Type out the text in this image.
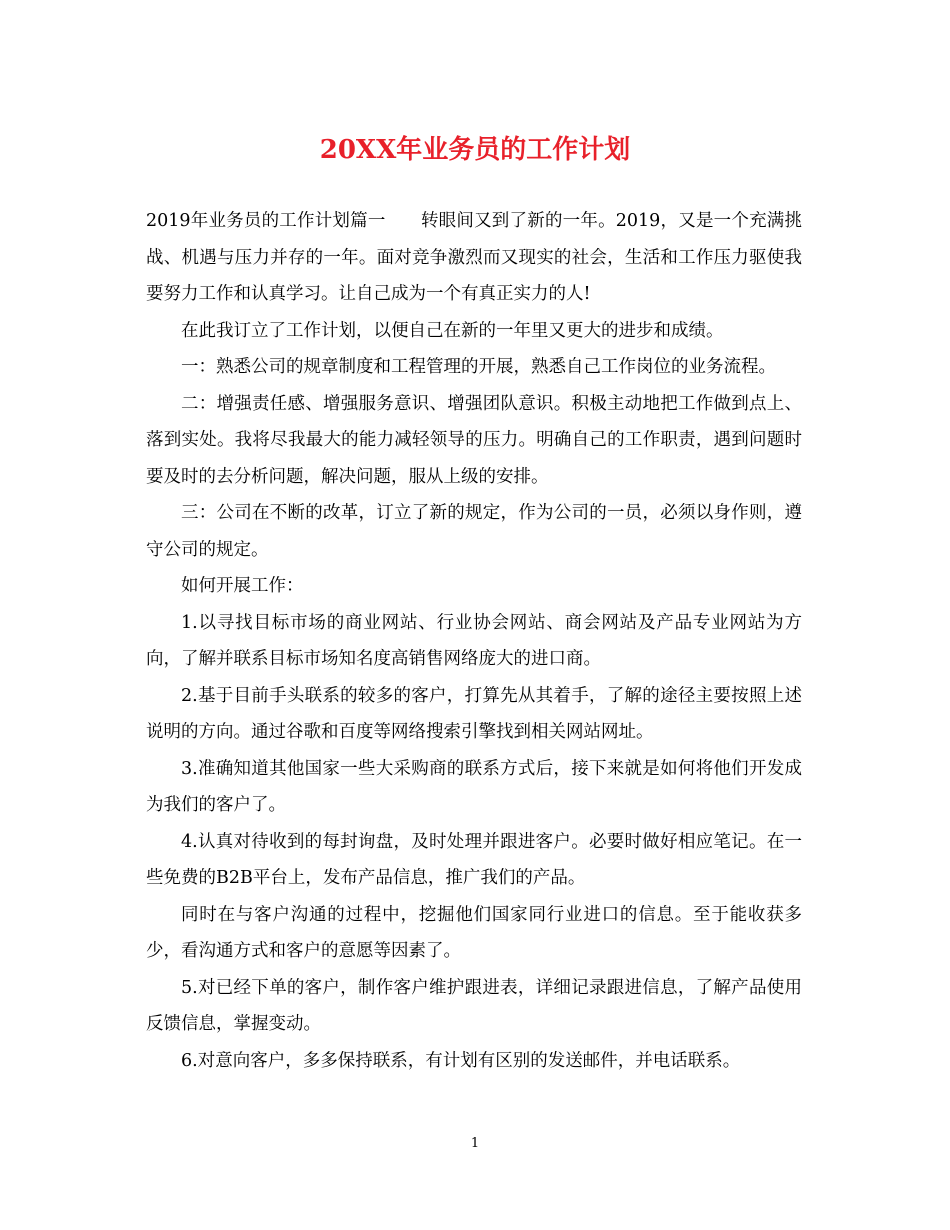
20XX年业务员的工作计划

2019年业务员的工作计划篇一　　转眼间又到了新的一年。2019，又是一个充满挑战、机遇与压力并存的一年。面对竞争激烈而又现实的社会，生活和工作压力驱使我要努力工作和认真学习。让自己成为一个有真正实力的人!

在此我订立了工作计划，以便自己在新的一年里又更大的进步和成绩。

一：熟悉公司的规章制度和工程管理的开展，熟悉自己工作岗位的业务流程。

二：增强责任感、增强服务意识、增强团队意识。积极主动地把工作做到点上、落到实处。我将尽我最大的能力减轻领导的压力。明确自己的工作职责，遇到问题时要及时的去分析问题，解决问题，服从上级的安排。

三：公司在不断的改革，订立了新的规定，作为公司的一员，必须以身作则，遵守公司的规定。

如何开展工作：

1.以寻找目标市场的商业网站、行业协会网站、商会网站及产品专业网站为方向，了解并联系目标市场知名度高销售网络庞大的进口商。

2.基于目前手头联系的较多的客户，打算先从其着手，了解的途径主要按照上述说明的方向。通过谷歌和百度等网络搜索引擎找到相关网站网址。

3.准确知道其他国家一些大采购商的联系方式后，接下来就是如何将他们开发成为我们的客户了。

4.认真对待收到的每封询盘，及时处理并跟进客户。必要时做好相应笔记。在一些免费的B2B平台上，发布产品信息，推广我们的产品。

同时在与客户沟通的过程中，挖掘他们国家同行业进口的信息。至于能收获多少，看沟通方式和客户的意愿等因素了。

5.对已经下单的客户，制作客户维护跟进表，详细记录跟进信息，了解产品使用反馈信息，掌握变动。

6.对意向客户，多多保持联系，有计划有区别的发送邮件，并电话联系。

1
